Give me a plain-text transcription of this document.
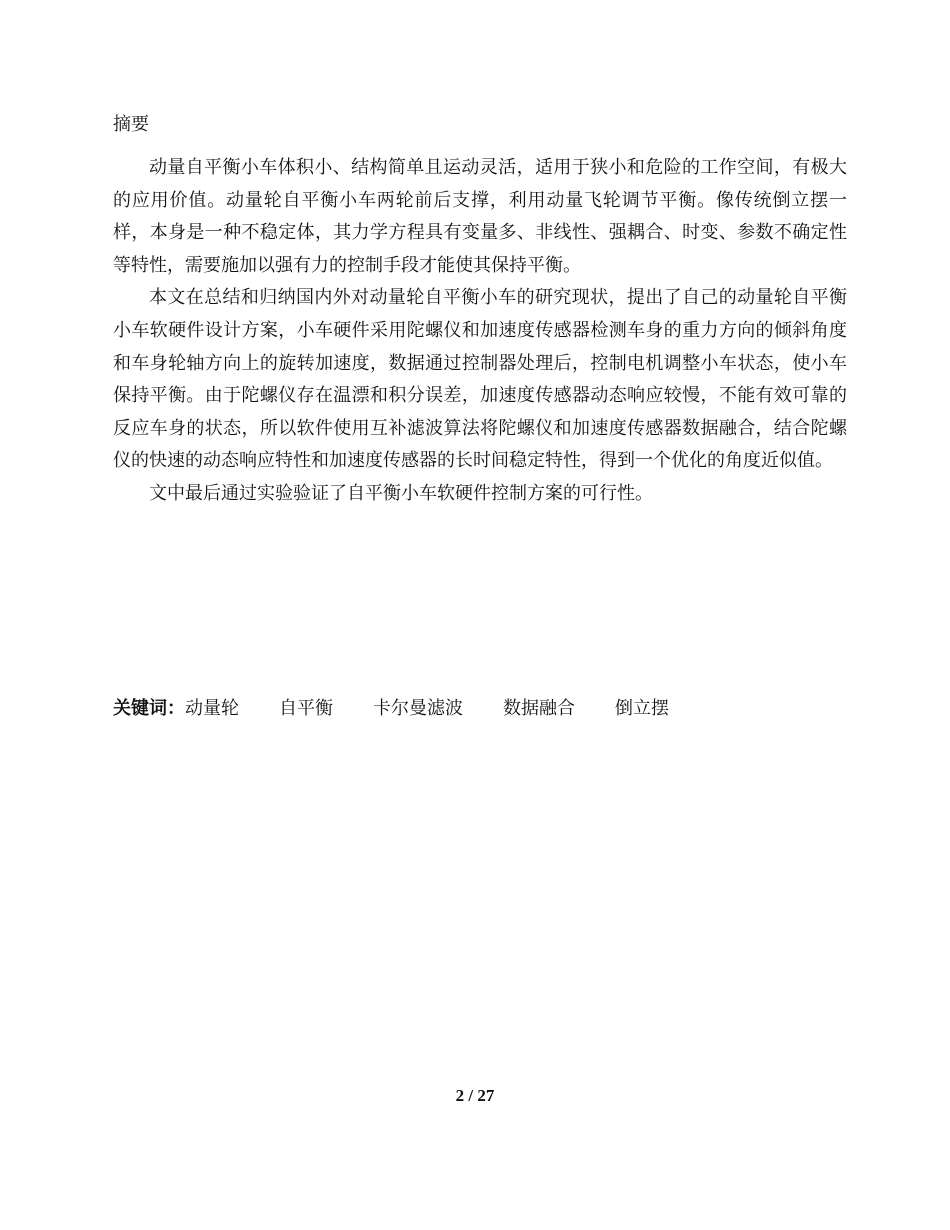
摘要

动量自平衡小车体积小、结构简单且运动灵活，适用于狭小和危险的工作空间，有极大的应用价值。动量轮自平衡小车两轮前后支撑，利用动量飞轮调节平衡。像传统倒立摆一样，本身是一种不稳定体，其力学方程具有变量多、非线性、强耦合、时变、参数不确定性等特性，需要施加以强有力的控制手段才能使其保持平衡。

本文在总结和归纳国内外对动量轮自平衡小车的研究现状，提出了自己的动量轮自平衡小车软硬件设计方案，小车硬件采用陀螺仪和加速度传感器检测车身的重力方向的倾斜角度和车身轮轴方向上的旋转加速度，数据通过控制器处理后，控制电机调整小车状态，使小车保持平衡。由于陀螺仪存在温漂和积分误差，加速度传感器动态响应较慢，不能有效可靠的反应车身的状态，所以软件使用互补滤波算法将陀螺仪和加速度传感器数据融合，结合陀螺仪的快速的动态响应特性和加速度传感器的长时间稳定特性，得到一个优化的角度近似值。

文中最后通过实验验证了自平衡小车软硬件控制方案的可行性。

关键词：动量轮 自平衡 卡尔曼滤波 数据融合 倒立摆
2 / 27
